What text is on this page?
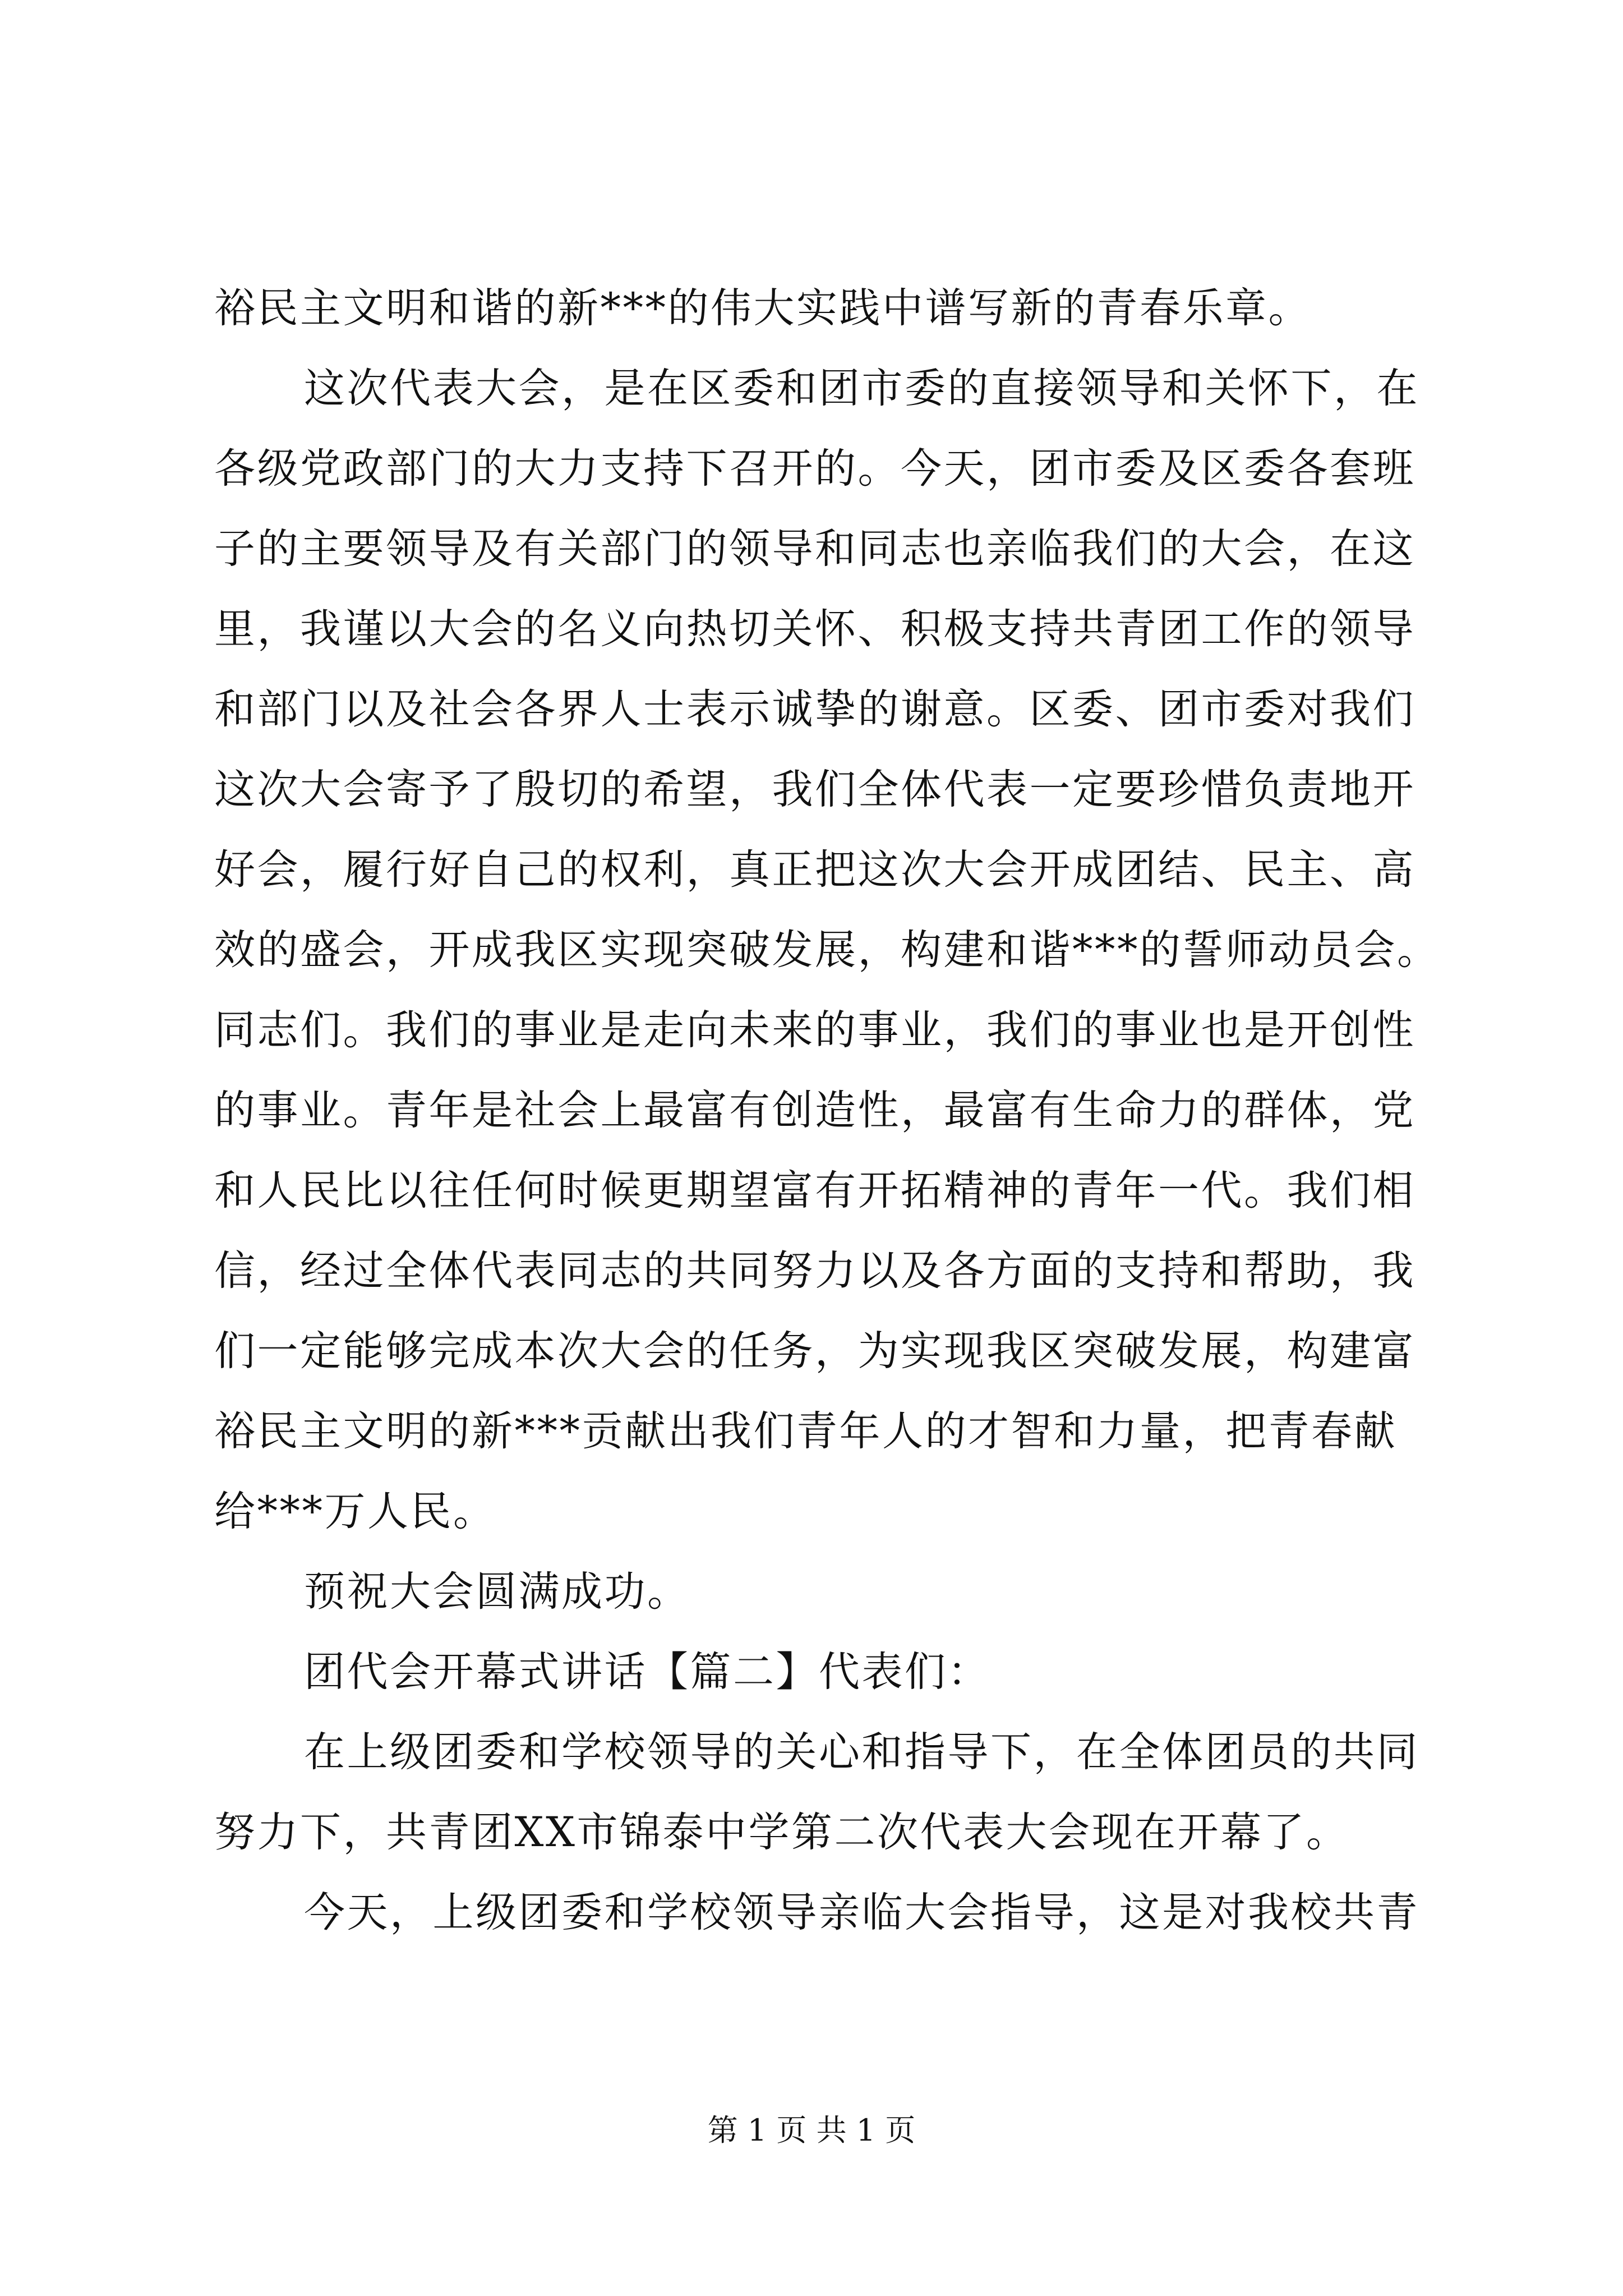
裕民主文明和谐的新***的伟大实践中谱写新的青春乐章。
这次代表大会，是在区委和团市委的直接领导和关怀下，在
各级党政部门的大力支持下召开的。今天，团市委及区委各套班
子的主要领导及有关部门的领导和同志也亲临我们的大会，在这
里，我谨以大会的名义向热切关怀、积极支持共青团工作的领导
和部门以及社会各界人士表示诚挚的谢意。区委、团市委对我们
这次大会寄予了殷切的希望，我们全体代表一定要珍惜负责地开
好会，履行好自己的权利，真正把这次大会开成团结、民主、高
效的盛会，开成我区实现突破发展，构建和谐***的誓师动员会。
同志们。我们的事业是走向未来的事业，我们的事业也是开创性
的事业。青年是社会上最富有创造性，最富有生命力的群体，党
和人民比以往任何时候更期望富有开拓精神的青年一代。我们相
信，经过全体代表同志的共同努力以及各方面的支持和帮助，我
们一定能够完成本次大会的任务，为实现我区突破发展，构建富
裕民主文明的新***贡献出我们青年人的才智和力量，把青春献
给***万人民。
预祝大会圆满成功。
团代会开幕式讲话【篇二】代表们：
在上级团委和学校领导的关心和指导下，在全体团员的共同
努力下，共青团XX市锦泰中学第二次代表大会现在开幕了。
今天，上级团委和学校领导亲临大会指导，这是对我校共青
第 1 页 共 1 页
